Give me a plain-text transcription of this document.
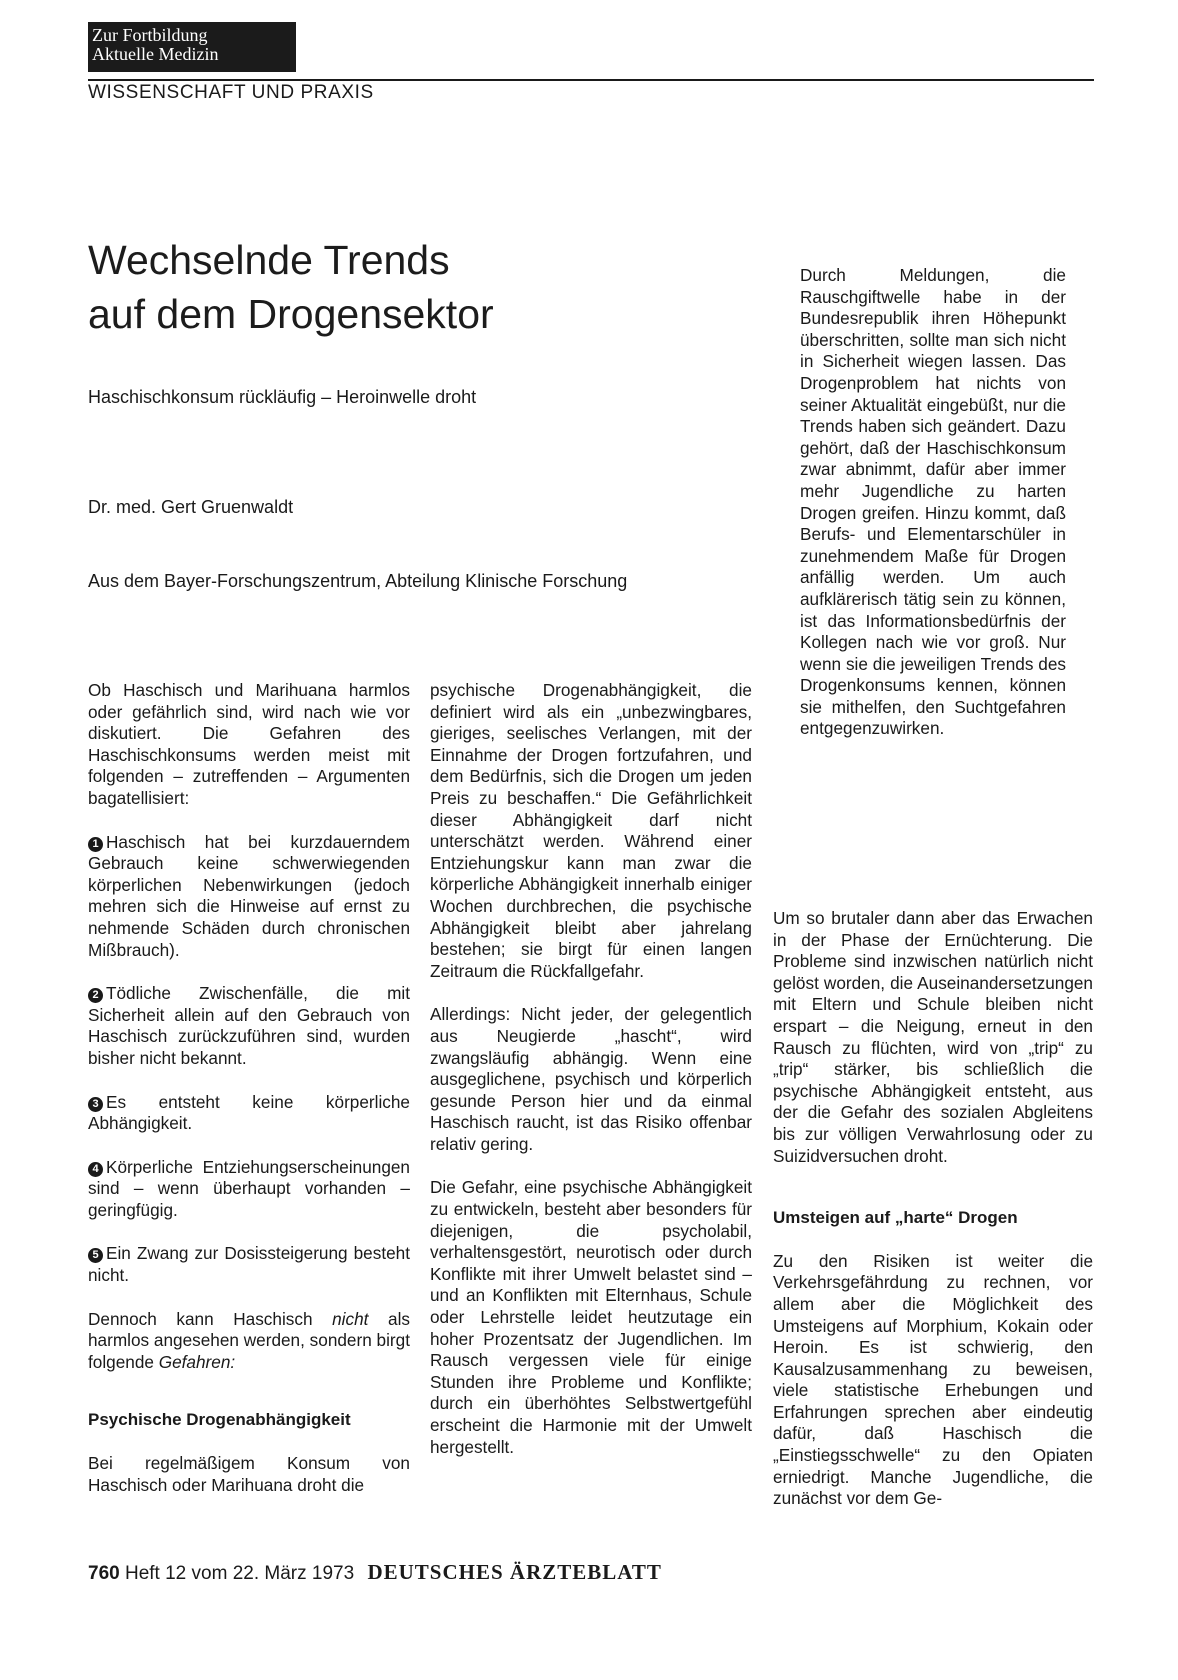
Zur Fortbildung
Aktuelle Medizin
WISSENSCHAFT UND PRAXIS
Wechselnde Trends
auf dem Drogensektor
Haschischkonsum rückläufig – Heroinwelle droht
Dr. med. Gert Gruenwaldt
Aus dem Bayer-Forschungszentrum, Abteilung Klinische Forschung

Durch Meldungen, die Rauschgiftwelle habe in der Bundesrepublik ihren Höhepunkt überschritten, sollte man sich nicht in Sicherheit wiegen lassen. Das Drogenproblem hat nichts von seiner Aktualität eingebüßt, nur die Trends haben sich geändert. Dazu gehört, daß der Haschischkonsum zwar abnimmt, dafür aber immer mehr Jugendliche zu harten Drogen greifen. Hinzu kommt, daß Berufs- und Elementarschüler in zunehmendem Maße für Drogen anfällig werden. Um auch aufklärerisch tätig sein zu können, ist das Informationsbedürfnis der Kollegen nach wie vor groß. Nur wenn sie die jeweiligen Trends des Drogenkonsums kennen, können sie mithelfen, den Suchtgefahren entgegenzuwirken.

Ob Haschisch und Marihuana harmlos oder gefährlich sind, wird nach wie vor diskutiert. Die Gefahren des Haschischkonsums werden meist mit folgenden – zutreffenden – Argumenten bagatellisiert:

1 Haschisch hat bei kurzdauerndem Gebrauch keine schwerwiegenden körperlichen Nebenwirkungen (jedoch mehren sich die Hinweise auf ernst zu nehmende Schäden durch chronischen Mißbrauch).

2 Tödliche Zwischenfälle, die mit Sicherheit allein auf den Gebrauch von Haschisch zurückzuführen sind, wurden bisher nicht bekannt.

3 Es entsteht keine körperliche Abhängigkeit.

4 Körperliche Entziehungserscheinungen sind – wenn überhaupt vorhanden – geringfügig.

5 Ein Zwang zur Dosissteigerung besteht nicht.

Dennoch kann Haschisch nicht als harmlos angesehen werden, sondern birgt folgende Gefahren:

Psychische Drogenabhängigkeit

Bei regelmäßigem Konsum von Haschisch oder Marihuana droht die

psychische Drogenabhängigkeit, die definiert wird als ein „unbezwingbares, gieriges, seelisches Verlangen, mit der Einnahme der Drogen fortzufahren, und dem Bedürfnis, sich die Drogen um jeden Preis zu beschaffen.“ Die Gefährlichkeit dieser Abhängigkeit darf nicht unterschätzt werden. Während einer Entziehungskur kann man zwar die körperliche Abhängigkeit innerhalb einiger Wochen durchbrechen, die psychische Abhängigkeit bleibt aber jahrelang bestehen; sie birgt für einen langen Zeitraum die Rückfallgefahr.

Allerdings: Nicht jeder, der gelegentlich aus Neugierde „hascht“, wird zwangsläufig abhängig. Wenn eine ausgeglichene, psychisch und körperlich gesunde Person hier und da einmal Haschisch raucht, ist das Risiko offenbar relativ gering.

Die Gefahr, eine psychische Abhängigkeit zu entwickeln, besteht aber besonders für diejenigen, die psycholabil, verhaltensgestört, neurotisch oder durch Konflikte mit ihrer Umwelt belastet sind – und an Konflikten mit Elternhaus, Schule oder Lehrstelle leidet heutzutage ein hoher Prozentsatz der Jugendlichen. Im Rausch vergessen viele für einige Stunden ihre Probleme und Konflikte; durch ein überhöhtes Selbstwertgefühl erscheint die Harmonie mit der Umwelt hergestellt.

Um so brutaler dann aber das Erwachen in der Phase der Ernüchterung. Die Probleme sind inzwischen natürlich nicht gelöst worden, die Auseinandersetzungen mit Eltern und Schule bleiben nicht erspart – die Neigung, erneut in den Rausch zu flüchten, wird von „trip“ zu „trip“ stärker, bis schließlich die psychische Abhängigkeit entsteht, aus der die Gefahr des sozialen Abgleitens bis zur völligen Verwahrlosung oder zu Suizidversuchen droht.

Umsteigen auf „harte“ Drogen

Zu den Risiken ist weiter die Verkehrsgefährdung zu rechnen, vor allem aber die Möglichkeit des Umsteigens auf Morphium, Kokain oder Heroin. Es ist schwierig, den Kausalzusammenhang zu beweisen, viele statistische Erhebungen und Erfahrungen sprechen aber eindeutig dafür, daß Haschisch die „Einstiegsschwelle“ zu den Opiaten erniedrigt. Manche Jugendliche, die zunächst vor dem Ge-

760 Heft 12 vom 22. März 1973 DEUTSCHES ÄRZTEBLATT
